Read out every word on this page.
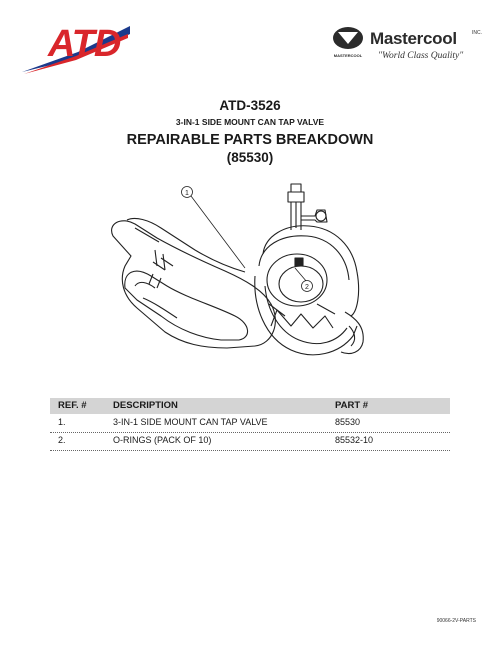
ATD	MASTERCOOL
Mastercool	INC.
"World Class Quality"
ATD-3526
3-IN-1 SIDE MOUNT CAN TAP VALVE
REPAIRABLE PARTS BREAKDOWN
(85530)
1
2
REF. #	DESCRIPTION	PART #
1.	3-IN-1 SIDE MOUNT CAN TAP VALVE	85530
2.	O-RINGS (PACK OF 10)	85532-10
90066-2V-PARTS
